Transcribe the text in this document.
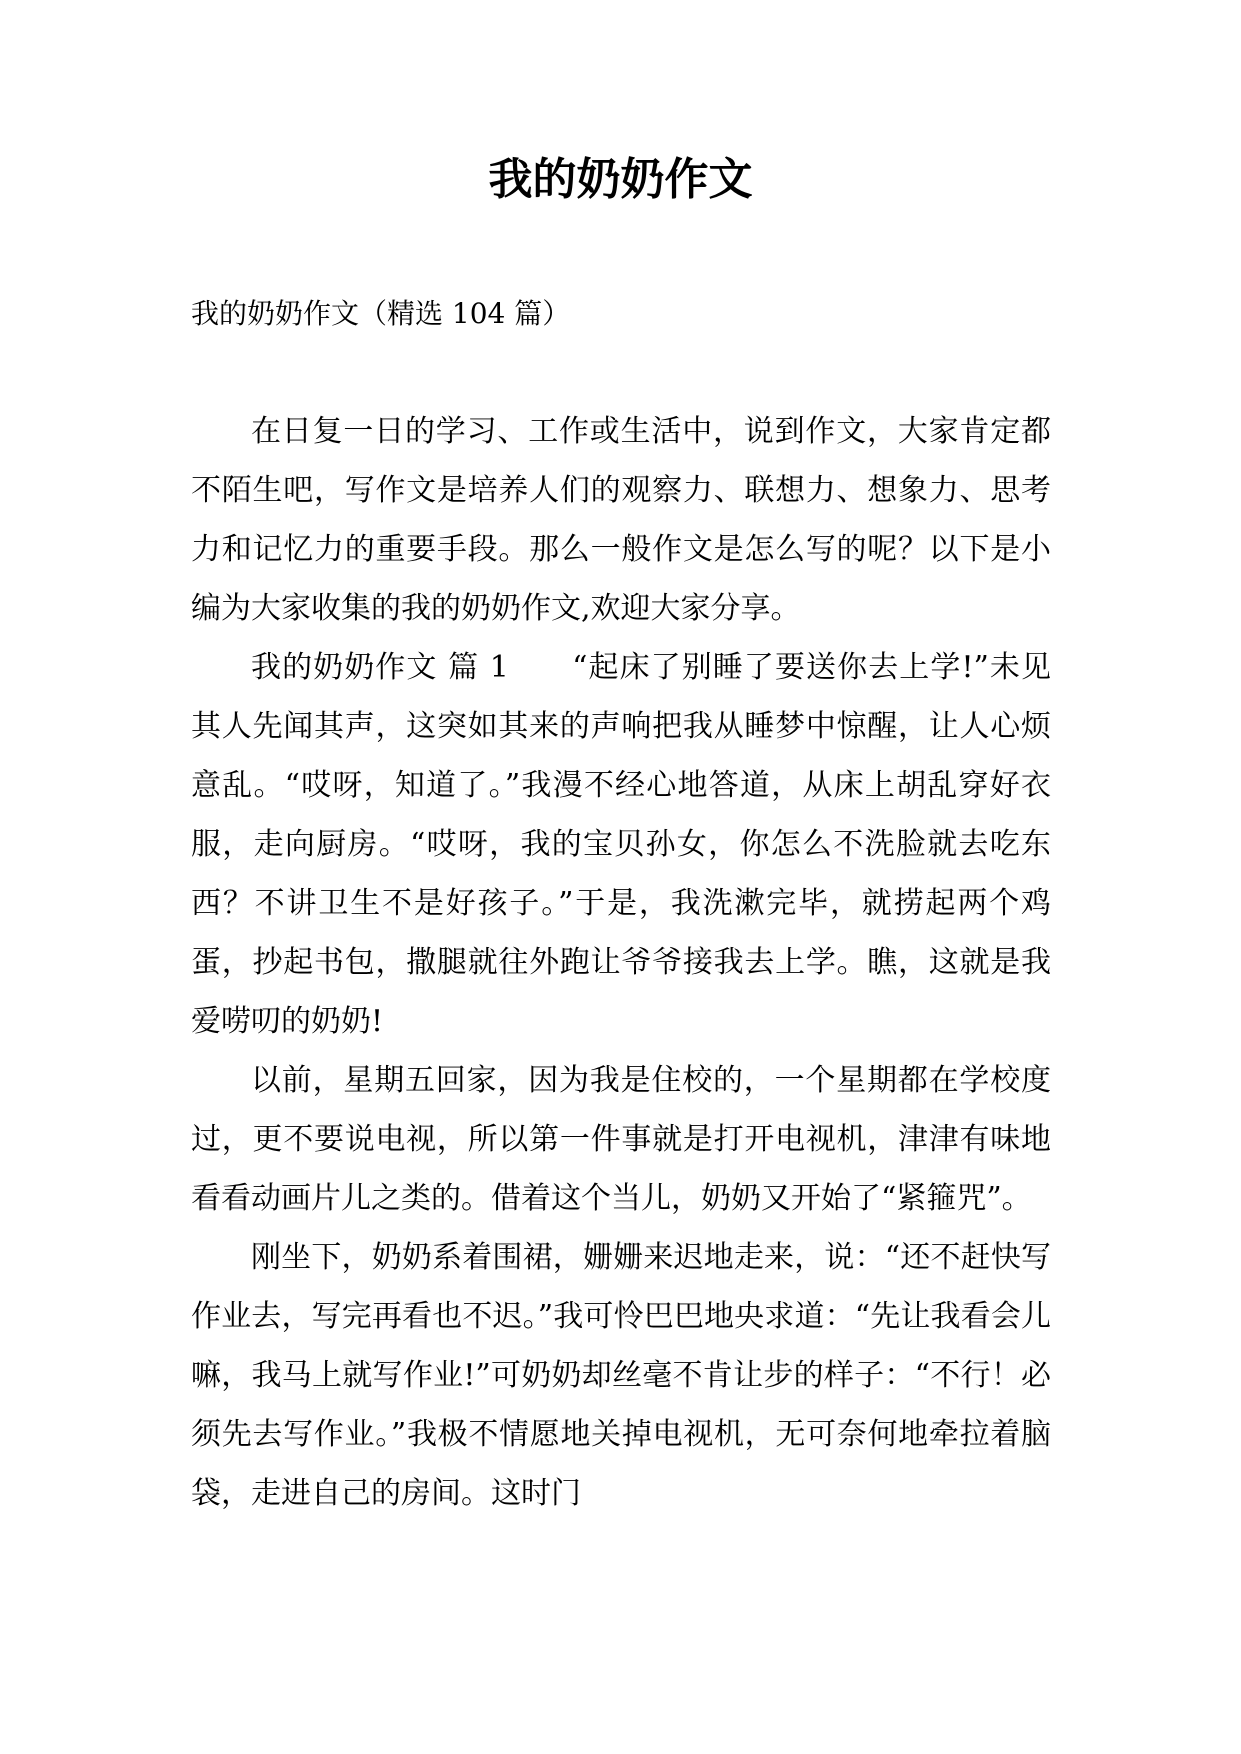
我的奶奶作文

我的奶奶作文（精选 104 篇）

在日复一日的学习、工作或生活中，说到作文，大家肯定都不陌生吧，写作文是培养人们的观察力、联想力、想象力、思考力和记忆力的重要手段。那么一般作文是怎么写的呢？以下是小编为大家收集的我的奶奶作文,欢迎大家分享。

我的奶奶作文 篇 1　　“起床了别睡了要送你去上学!”未见其人先闻其声，这突如其来的声响把我从睡梦中惊醒，让人心烦意乱。“哎呀，知道了。”我漫不经心地答道，从床上胡乱穿好衣服，走向厨房。“哎呀，我的宝贝孙女，你怎么不洗脸就去吃东西？不讲卫生不是好孩子。”于是，我洗漱完毕，就捞起两个鸡蛋，抄起书包，撒腿就往外跑让爷爷接我去上学。瞧，这就是我爱唠叨的奶奶!

以前，星期五回家，因为我是住校的，一个星期都在学校度过，更不要说电视，所以第一件事就是打开电视机，津津有味地看看动画片儿之类的。借着这个当儿，奶奶又开始了“紧箍咒”。

刚坐下，奶奶系着围裙，姗姗来迟地走来，说：“还不赶快写作业去，写完再看也不迟。”我可怜巴巴地央求道：“先让我看会儿嘛，我马上就写作业!”可奶奶却丝毫不肯让步的样子：“不行！必须先去写作业。”我极不情愿地关掉电视机，无可奈何地牵拉着脑袋，走进自己的房间。这时门
